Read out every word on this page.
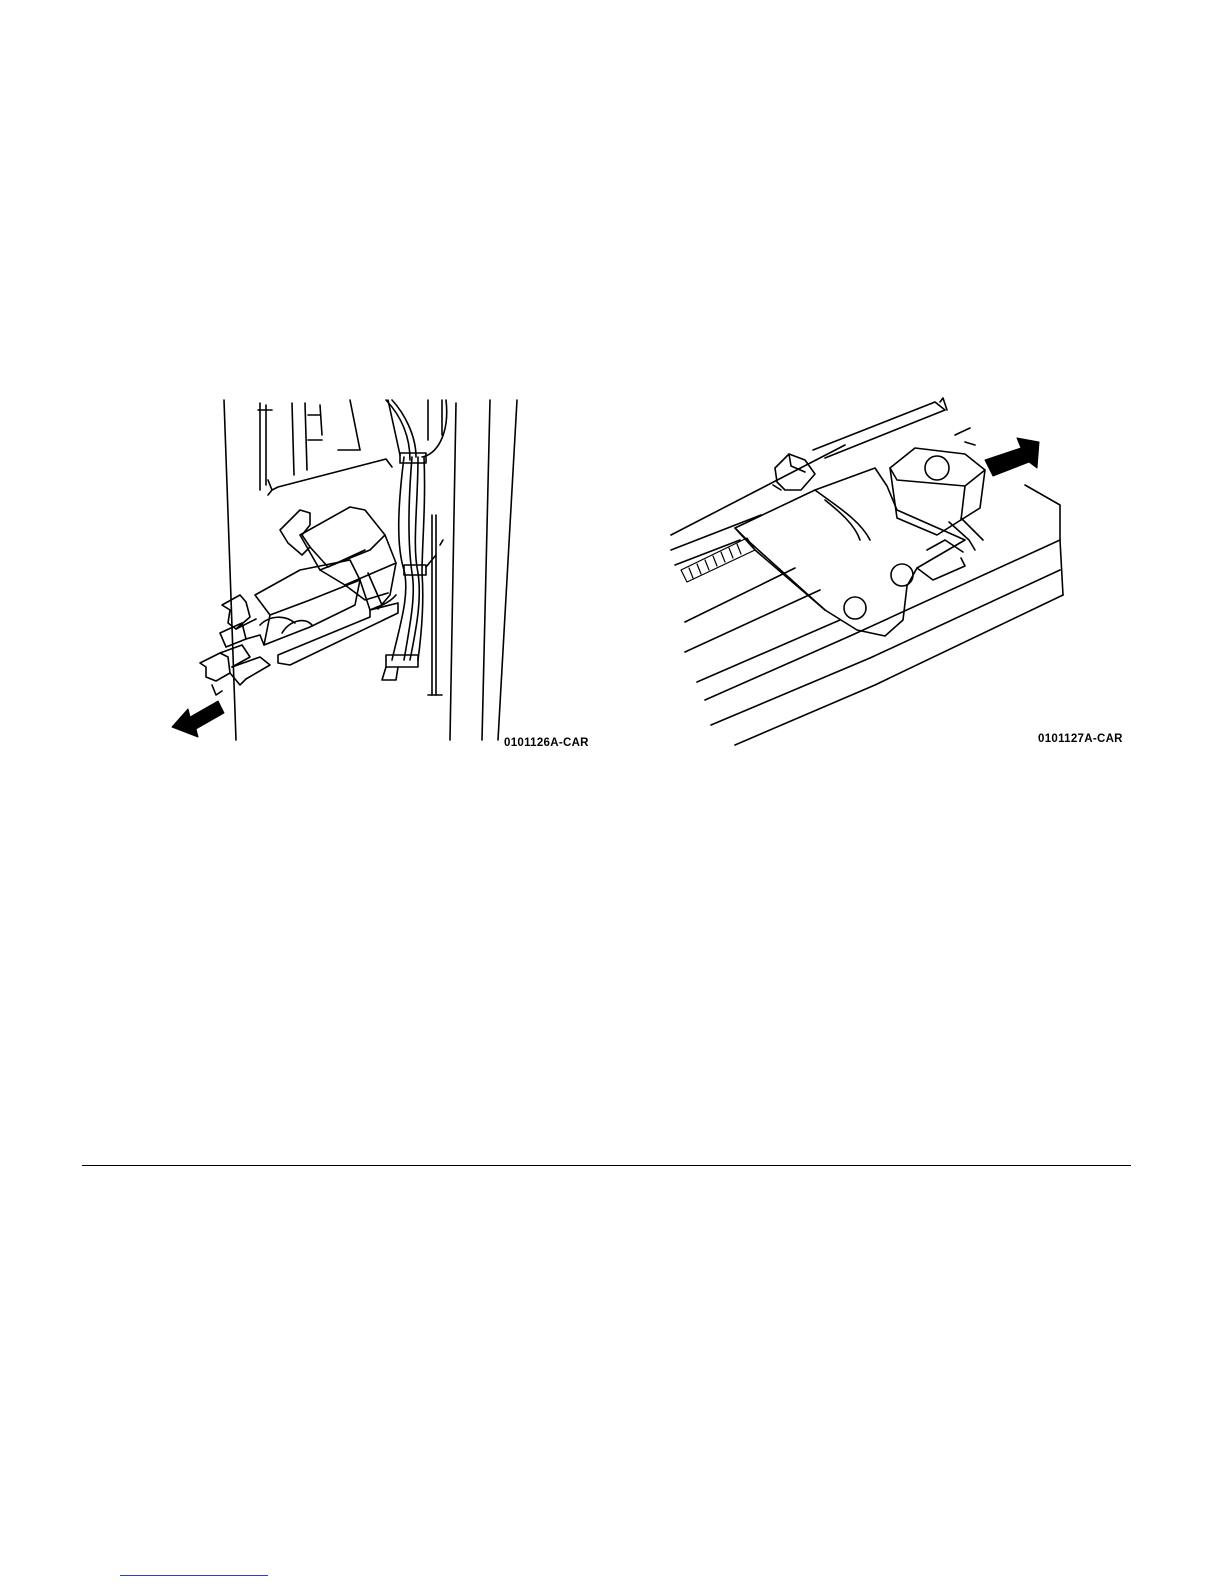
0101126A-CAR	0101127A-CAR
